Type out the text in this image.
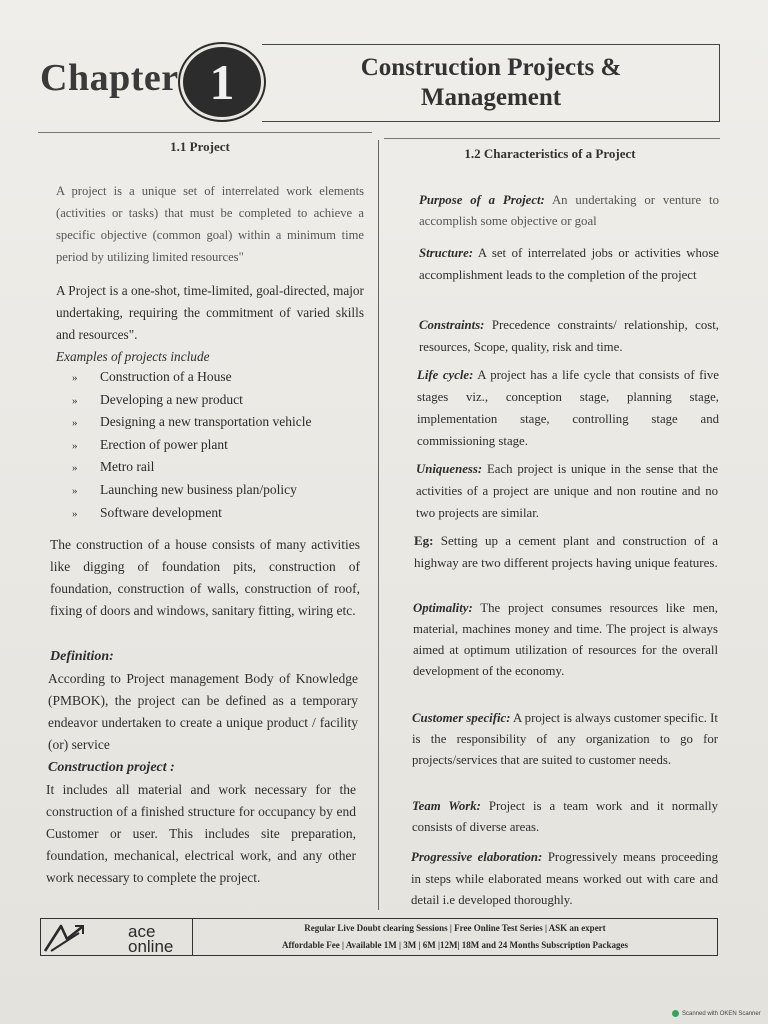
Chapter 1	Construction Projects &
Management
1.1 Project
A project is a unique set of interrelated work elements (activities or tasks) that must be completed to achieve a specific objective (common goal) within a minimum time period by utilizing limited resources"
A Project is a one-shot, time-limited, goal-directed, major undertaking, requiring the commitment of varied skills and resources".
Examples of projects include
» Construction of a House
» Developing a new product
» Designing a new transportation vehicle
» Erection of power plant
» Metro rail
» Launching new business plan/policy
» Software development
The construction of a house consists of many activities like digging of foundation pits, construction of foundation, construction of walls, construction of roof, fixing of doors and windows, sanitary fitting, wiring etc.
Definition:
According to Project management Body of Knowledge (PMBOK), the project can be defined as a temporary endeavor undertaken to create a unique product / facility (or) service
Construction project :
It includes all material and work necessary for the construction of a finished structure for occupancy by end Customer or user. This includes site preparation, foundation, mechanical, electrical work, and any other work necessary to complete the project.
1.2 Characteristics of a Project
Purpose of a Project: An undertaking or venture to accomplish some objective or goal
Structure: A set of interrelated jobs or activities whose accomplishment leads to the completion of the project
Constraints: Precedence constraints/ relationship, cost, resources, Scope, quality, risk and time.
Life cycle: A project has a life cycle that consists of five stages viz., conception stage, planning stage, implementation stage, controlling stage and commissioning stage.
Uniqueness: Each project is unique in the sense that the activities of a project are unique and non routine and no two projects are similar.
Eg: Setting up a cement plant and construction of a highway are two different projects having unique features.
Optimality: The project consumes resources like men, material, machines money and time. The project is always aimed at optimum utilization of resources for the overall development of the economy.
Customer specific: A project is always customer specific. It is the responsibility of any organization to go for projects/services that are suited to customer needs.
Team Work: Project is a team work and it normally consists of diverse areas.
Progressive elaboration: Progressively means proceeding in steps while elaborated means worked out with care and detail i.e developed thoroughly.
ace
online
Regular Live Doubt clearing Sessions | Free Online Test Series | ASK an expert
Affordable Fee | Available 1M | 3M | 6M |12M| 18M and 24 Months Subscription Packages
Scanned with OKEN Scanner
